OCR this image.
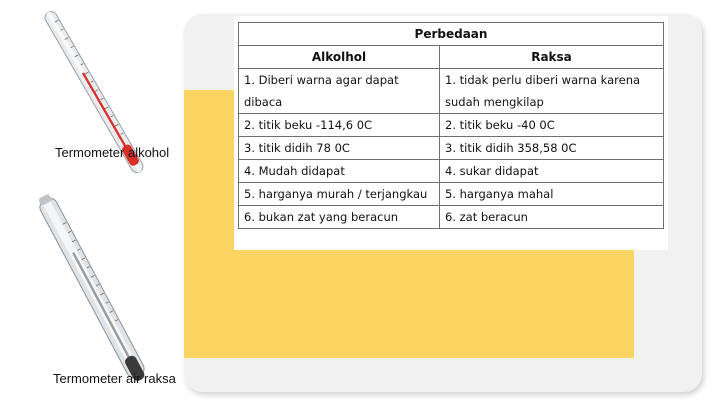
Termometer alkohol
Termometer air raksa
Perbedaan	
Alkolhol	Raksa
1. Diberi warna agar dapat dibaca	1. tidak perlu diberi warna karena sudah mengkilap
2. titik beku -114,6 0C	2. titik beku -40 0C
3. titik didih 78 0C	3. titik didih 358,58 0C
4. Mudah didapat	4. sukar didapat
5. harganya murah / terjangkau	5. harganya mahal
6. bukan zat yang beracun	6. zat beracun
